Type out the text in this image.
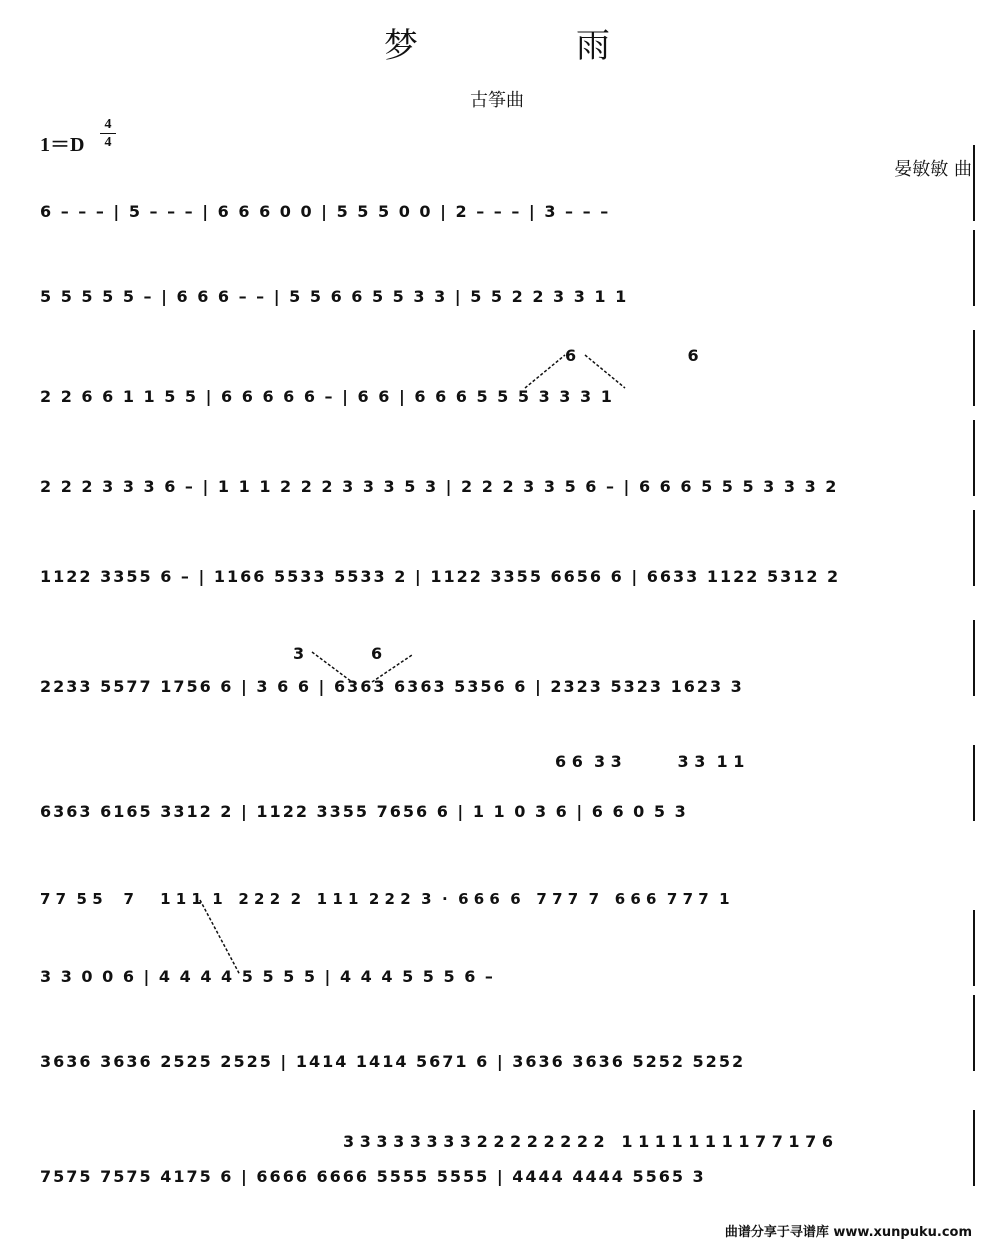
梦　雨
古筝曲
1＝D
4
4
晏敏敏 曲
6                    6
3            6
6 6  3 3          3 3  1 1
7 7  5 5    7     1 1 1  1   2 2 2  2   1 1 1  2 2 2  3  ·  6 6 6  6   7 7 7  7   6 6 6  7 7 7  1
3 3 3 3 3 3 3 3 2 2 2 2 2 2 2 2   1 1 1 1 1 1 1 1 7 7 1 7 6
6 – – – | 5 – – – | 6 6 6 0 0 | 5 5 5 0 0 | 2 – – – | 3 – – –
5 5 5 5 5 – | 6 6 6 – – | 5 5 6 6 5 5 3 3 | 5 5 2 2 3 3 1 1
2 2 6 6 1 1 5 5 | 6 6 6 6 6 – | 6 6 | 6 6 6 5 5 5 3 3 3 1
2 2 2 3 3 3 6 – | 1 1 1 2 2 2 3 3 3 5 3 | 2 2 2 3 3 5 6 – | 6 6 6 5 5 5 3 3 3 2
1122 3355 6 – | 1166 5533 5533 2 | 1122 3355 6656 6 | 6633 1122 5312 2
2233 5577 1756 6 | 3 6 6 | 6363 6363 5356 6 | 2323 5323 1623 3
6363 6165 3312 2 | 1122 3355 7656 6 | 1 1 0 3 6 | 6 6 0 5 3
3 3 0 0 6 | 4 4 4 4 5 5 5 5 | 4 4 4 5 5 5 6 –
3636 3636 2525 2525 | 1414 1414 5671 6 | 3636 3636 5252 5252
7575 7575 4175 6 | 6666 6666 5555 5555 | 4444 4444 5565 3
曲谱分享于寻谱库 www.xunpuku.com
